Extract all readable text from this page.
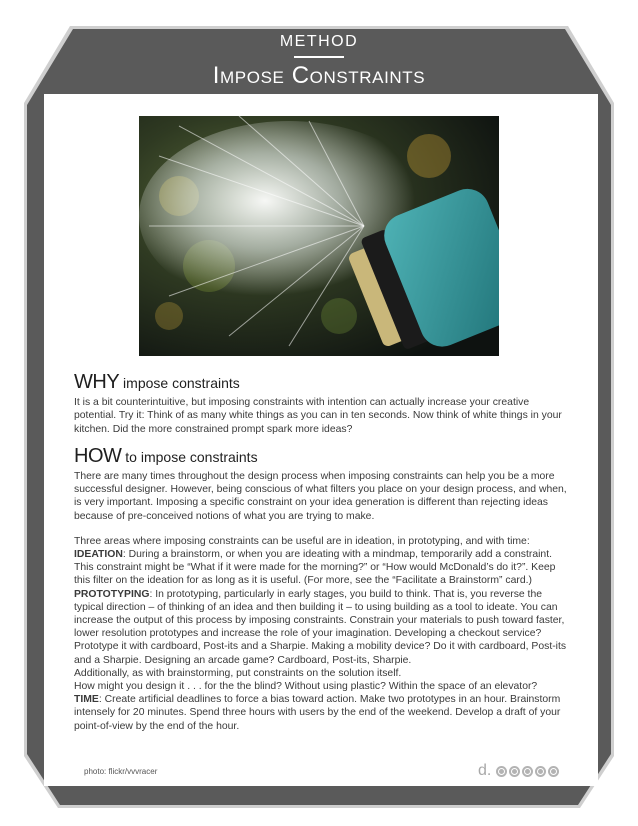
METHOD
Impose Constraints
WHY impose constraints

It is a bit counterintuitive, but imposing constraints with intention can actually increase your creative potential. Try it: Think of as many white things as you can in ten seconds. Now think of white things in your kitchen. Did the more constrained prompt spark more ideas?

HOW to impose constraints

There are many times throughout the design process when imposing constraints can help you be a more successful designer. However, being conscious of what filters you place on your design process, and when, is very important. Imposing a specific constraint on your idea generation is different than rejecting ideas because of pre-conceived notions of what you are trying to make.

Three areas where imposing constraints can be useful are in ideation, in prototyping, and with time:

IDEATION: During a brainstorm, or when you are ideating with a mindmap, temporarily add a constraint. This constraint might be “What if it were made for the morning?” or “How would McDonald’s do it?”. Keep this filter on the ideation for as long as it is useful. (For more, see the “Facilitate a Brainstorm” card.)

PROTOTYPING: In prototyping, particularly in early stages, you build to think. That is, you reverse the typical direction – of thinking of an idea and then building it – to using building as a tool to ideate. You can increase the output of this process by imposing constraints. Constrain your materials to push toward faster, lower resolution prototypes and increase the role of your imagination. Developing a checkout service? Prototype it with cardboard, Post-its and a Sharpie. Making a mobility device? Do it with cardboard, Post-its and a Sharpie. Designing an arcade game? Cardboard, Post-its, Sharpie.

Additionally, as with brainstorming, put constraints on the solution itself.

How might you design it . . . for the the blind? Without using plastic? Within the space of an elevator?

TIME: Create artificial deadlines to force a bias toward action. Make two prototypes in an hour. Brainstorm intensely for 20 minutes. Spend three hours with users by the end of the weekend. Develop a draft of your point-of-view by the end of the hour.

photo: flickr/vvvracer	d.
